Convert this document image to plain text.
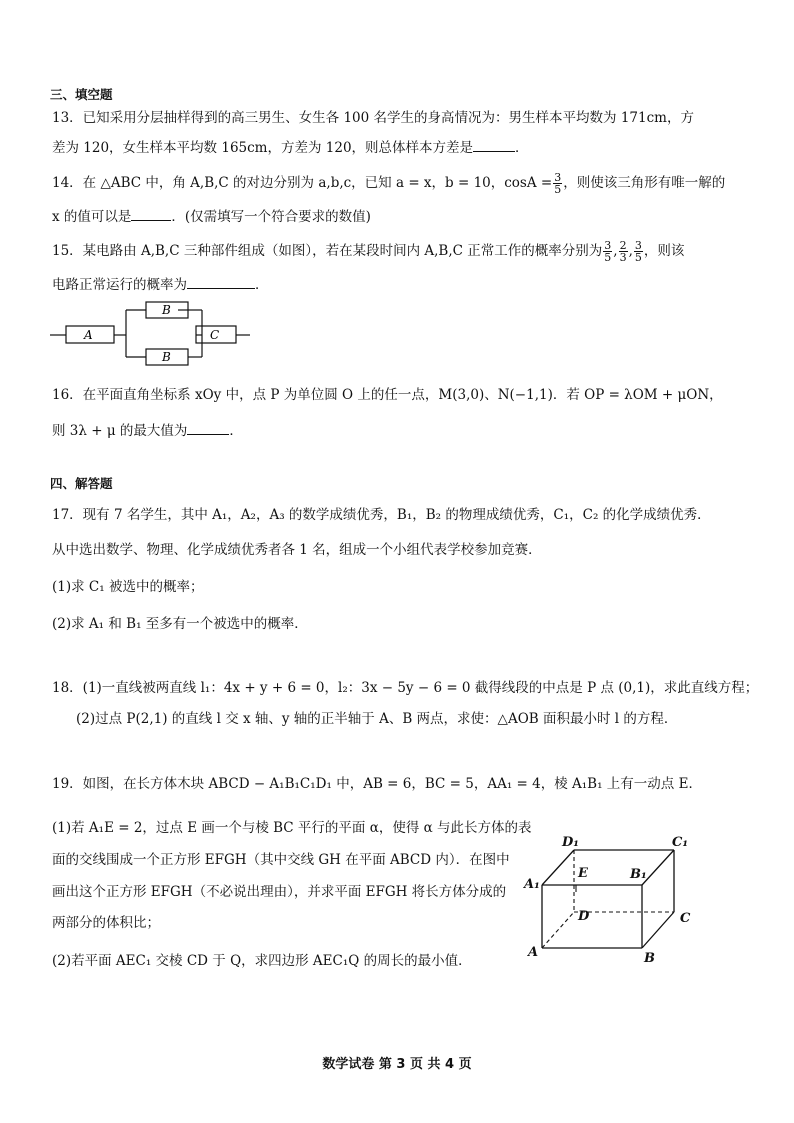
三、填空题
13．已知采用分层抽样得到的高三男生、女生各 100 名学生的身高情况为：男生样本平均数为 171cm，方
差为 120，女生样本平均数 165cm，方差为 120，则总体样本方差是	．
14．在 △ABC 中，角 A,B,C 的对边分别为 a,b,c，已知 a = x，b = 10，$\cos A = \frac{3}{5}$ ，则使该三角形有唯一解的
x 的值可以是	．(仅需填写一个符合要求的数值)
15．某电路由 A,B,C 三种部件组成（如图），若在某段时间内 A,B,C 正常工作的概率分别为 $\frac{3}{5}$ , $\frac{2}{3}$ , $\frac{3}{5}$ ，则该
电路正常运行的概率为	．
A
B
B
C
16．在平面直角坐标系 xOy 中，点 P 为单位圆 O 上的任一点，M(3,0)、N(−1,1)．若 OP = λOM + μON，
则 3λ + μ 的最大值为	．
四、解答题
17．现有 7 名学生，其中 A₁，A₂，A₃ 的数学成绩优秀，B₁，B₂ 的物理成绩优秀，C₁，C₂ 的化学成绩优秀．
从中选出数学、物理、化学成绩优秀者各 1 名，组成一个小组代表学校参加竞赛．
(1)求 C₁ 被选中的概率；
(2)求 A₁ 和 B₁ 至多有一个被选中的概率．
18．(1)一直线被两直线 l₁：4x + y + 6 = 0，l₂：3x − 5y − 6 = 0 截得线段的中点是 P 点 (0,1)，求此直线方程；
(2)过点 P(2,1) 的直线 l 交 x 轴、y 轴的正半轴于 A、B 两点，求使：△AOB 面积最小时 l 的方程．
19．如图，在长方体木块 ABCD − A₁B₁C₁D₁ 中，AB = 6，BC = 5，AA₁ = 4，棱 A₁B₁ 上有一动点 E．
(1)若 A₁E = 2，过点 E 画一个与棱 BC 平行的平面 α，使得 α 与此长方体的表
面的交线围成一个正方形 EFGH（其中交线 GH 在平面 ABCD 内）．在图中
画出这个正方形 EFGH（不必说出理由），并求平面 EFGH 将长方体分成的
两部分的体积比；
(2)若平面 AEC₁ 交棱 CD 于 Q，求四边形 AEC₁Q 的周长的最小值．
D₁	C₁
A₁
E	B₁
D	C
A	B
数学试卷 第 3 页 共 4 页
